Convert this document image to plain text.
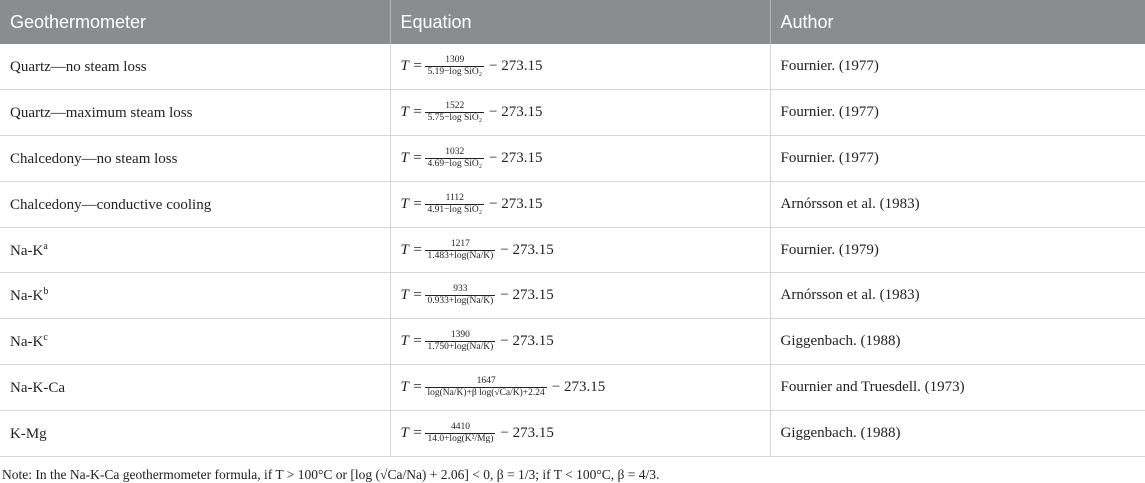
Geothermometer	Equation	Author
Quartz—no steam loss	$T = \frac{1309}{\text{5.19−log SiO₂}} - 273.15$	Fournier. (1977)
Quartz—maximum steam loss	$T = \frac{1522}{\text{5.75−log SiO₂}} - 273.15$	Fournier. (1977)
Chalcedony—no steam loss	$T = \frac{1032}{\text{4.69−log SiO₂}} - 273.15$	Fournier. (1977)
Chalcedony—conductive cooling	$T = \frac{1112}{\text{4.91−log SiO₂}} - 273.15$	Arnórsson et al. (1983)
$Na-K^a$	$T = \frac{1217}{1.483+\log(Na/K)} - 273.15$	Fournier. (1979)
$Na-K^b$	$T = \frac{933}{0.933+\log(Na/K)} - 273.15$	Arnórsson et al. (1983)
$Na-K^c$	$T = \frac{1390}{1.750+\log(Na/K)} - 273.15$	Giggenbach. (1988)
Na-K-Ca	$T = \frac{1647}{\text{log(Na/K)+β log(√Ca/K)+2.24}} - 273.15$	Fournier and Truesdell. (1973)
K-Mg	$T = \frac{4410}{\text{14.0+log(K²/Mg)}} - 273.15$	Giggenbach. (1988)
Note: In the Na-K-Ca geothermometer formula, if T > 100°C or [log (√Ca/Na) + 2.06] < 0, β = 1/3; if T < 100°C, β = 4/3.
